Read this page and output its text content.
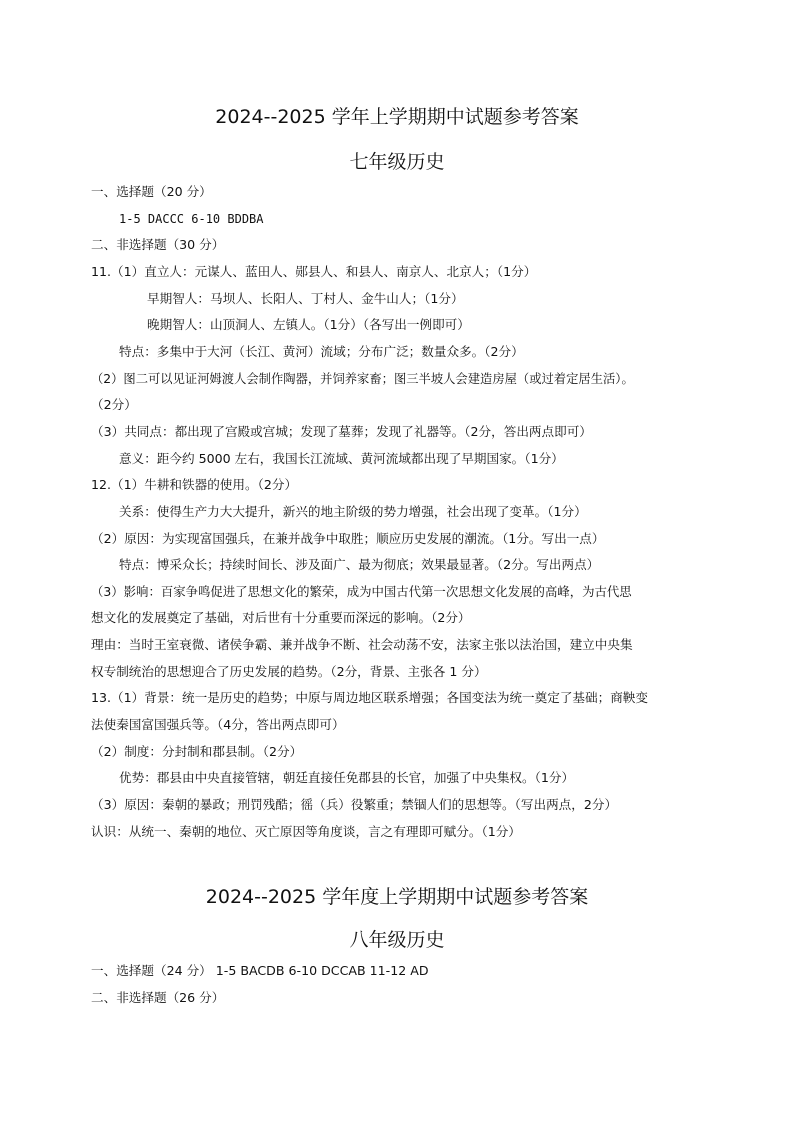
2024--2025 学年上学期期中试题参考答案
七年级历史
一、选择题（20 分）
1-5 DACCC 6-10 BDDBA
二、非选择题（30 分）
11.（1）直立人：元谋人、蓝田人、郧县人、和县人、南京人、北京人；（1分）
早期智人：马坝人、长阳人、丁村人、金牛山人；（1分）
晚期智人：山顶洞人、左镇人。（1分）（各写出一例即可）
特点：多集中于大河（长江、黄河）流域；分布广泛；数量众多。（2分）
（2）图二可以见证河姆渡人会制作陶器，并饲养家畜；图三半坡人会建造房屋（或过着定居生活）。
（2分）
（3）共同点：都出现了宫殿或宫城；发现了墓葬；发现了礼器等。（2分，答出两点即可）
意义：距今约 5000 左右，我国长江流域、黄河流域都出现了早期国家。（1分）
12.（1）牛耕和铁器的使用。（2分）
关系：使得生产力大大提升，新兴的地主阶级的势力增强，社会出现了变革。（1分）
（2）原因：为实现富国强兵，在兼并战争中取胜；顺应历史发展的潮流。（1分。写出一点）
特点：博采众长；持续时间长、涉及面广、最为彻底；效果最显著。（2分。写出两点）
（3）影响：百家争鸣促进了思想文化的繁荣，成为中国古代第一次思想文化发展的高峰，为古代思
想文化的发展奠定了基础，对后世有十分重要而深远的影响。（2分）
理由：当时王室衰微、诸侯争霸、兼并战争不断、社会动荡不安，法家主张以法治国，建立中央集
权专制统治的思想迎合了历史发展的趋势。（2分，背景、主张各 1 分）
13.（1）背景：统一是历史的趋势；中原与周边地区联系增强；各国变法为统一奠定了基础；商鞅变
法使秦国富国强兵等。（4分，答出两点即可）
（2）制度：分封制和郡县制。（2分）
优势：郡县由中央直接管辖，朝廷直接任免郡县的长官，加强了中央集权。（1分）
（3）原因：秦朝的暴政；刑罚残酷；徭（兵）役繁重；禁锢人们的思想等。（写出两点，2分）
认识：从统一、秦朝的地位、灭亡原因等角度谈，言之有理即可赋分。（1分）
2024--2025 学年度上学期期中试题参考答案
八年级历史
一、选择题（24 分） 1-5 BACDB 6-10 DCCAB 11-12 AD
二、非选择题（26 分）
